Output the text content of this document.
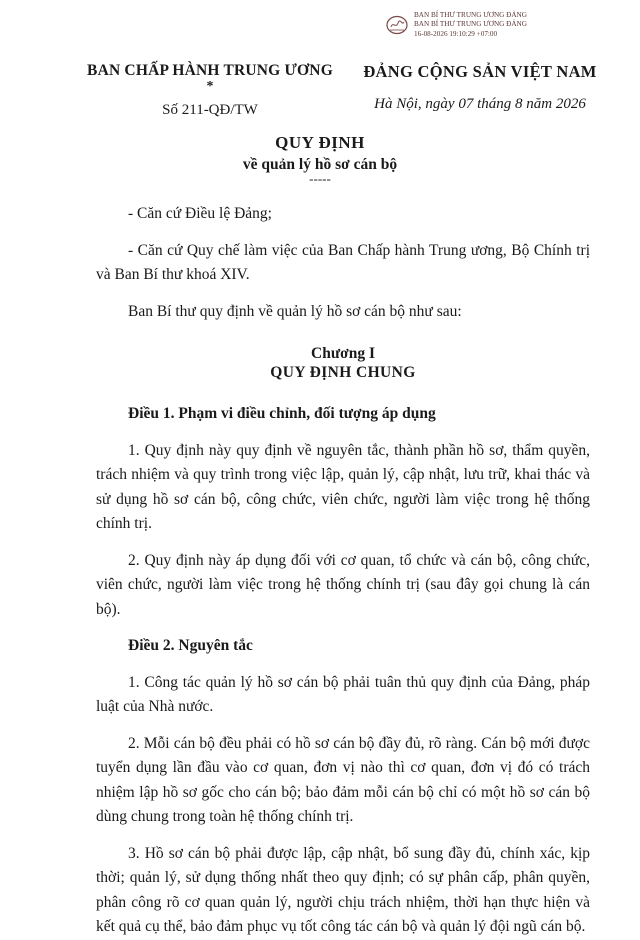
BAN BÍ THƯ TRUNG ƯƠNG ĐẢNG
BAN BÍ THƯ TRUNG ƯƠNG ĐẢNG
16-08-2026 19:10:29 +07:00
BAN CHẤP HÀNH TRUNG ƯƠNG
*
Số 211-QĐ/TW
ĐẢNG CỘNG SẢN VIỆT NAM
Hà Nội, ngày 07 tháng 8 năm 2026
QUY ĐỊNH
về quản lý hồ sơ cán bộ
-----

- Căn cứ Điều lệ Đảng;

- Căn cứ Quy chế làm việc của Ban Chấp hành Trung ương, Bộ Chính trị và Ban Bí thư khoá XIV.

Ban Bí thư quy định về quản lý hồ sơ cán bộ như sau:

Chương I
QUY ĐỊNH CHUNG

Điều 1. Phạm vi điều chỉnh, đối tượng áp dụng

1. Quy định này quy định về nguyên tắc, thành phần hồ sơ, thẩm quyền, trách nhiệm và quy trình trong việc lập, quản lý, cập nhật, lưu trữ, khai thác và sử dụng hồ sơ cán bộ, công chức, viên chức, người làm việc trong hệ thống chính trị.

2. Quy định này áp dụng đối với cơ quan, tổ chức và cán bộ, công chức, viên chức, người làm việc trong hệ thống chính trị (sau đây gọi chung là cán bộ).

Điều 2. Nguyên tắc

1. Công tác quản lý hồ sơ cán bộ phải tuân thủ quy định của Đảng, pháp luật của Nhà nước.

2. Mỗi cán bộ đều phải có hồ sơ cán bộ đầy đủ, rõ ràng. Cán bộ mới được tuyển dụng lần đầu vào cơ quan, đơn vị nào thì cơ quan, đơn vị đó có trách nhiệm lập hồ sơ gốc cho cán bộ; bảo đảm mỗi cán bộ chỉ có một hồ sơ cán bộ dùng chung trong toàn hệ thống chính trị.

3. Hồ sơ cán bộ phải được lập, cập nhật, bổ sung đầy đủ, chính xác, kịp thời; quản lý, sử dụng thống nhất theo quy định; có sự phân cấp, phân quyền, phân công rõ cơ quan quản lý, người chịu trách nhiệm, thời hạn thực hiện và kết quả cụ thể, bảo đảm phục vụ tốt công tác cán bộ và quản lý đội ngũ cán bộ.
